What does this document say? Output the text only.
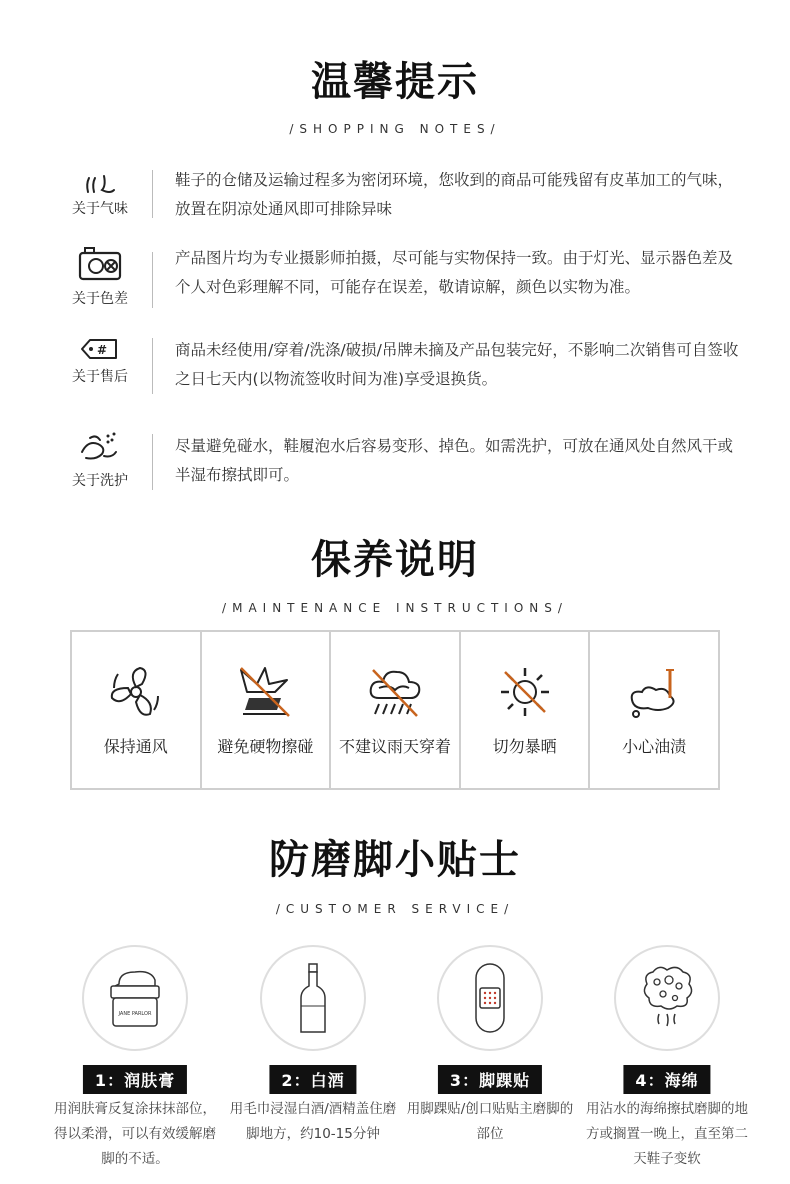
温馨提示
/SHOPPING NOTES/
关于气味
鞋子的仓储及运输过程多为密闭环境，您收到的商品可能残留有皮革加工的气味，放置在阴凉处通风即可排除异味
关于色差
产品图片均为专业摄影师拍摄，尽可能与实物保持一致。由于灯光、显示器色差及个人对色彩理解不同，可能存在误差，敬请谅解，颜色以实物为准。
#
关于售后
商品未经使用/穿着/洗涤/破损/吊牌未摘及产品包装完好，不影响二次销售可自签收之日七天内(以物流签收时间为准)享受退换货。
关于洗护
尽量避免碰水，鞋履泡水后容易变形、掉色。如需洗护，可放在通风处自然风干或半湿布擦拭即可。
保养说明
/MAINTENANCE INSTRUCTIONS/
保持通风	避免硬物擦碰	不建议雨天穿着	切勿暴晒	小心油渍
防磨脚小贴士
/CUSTOMER SERVICE/
JANE PARLOR
1：润肤膏
用润肤膏反复涂抹抹部位，得以柔滑，可以有效缓解磨脚的不适。
2：白酒
用毛巾浸湿白酒/酒精盖住磨脚地方，约10-15分钟
3：脚踝贴
用脚踝贴/创口贴贴主磨脚的部位
4：海绵
用沾水的海绵擦拭磨脚的地方或搁置一晚上，直至第二天鞋子变软
